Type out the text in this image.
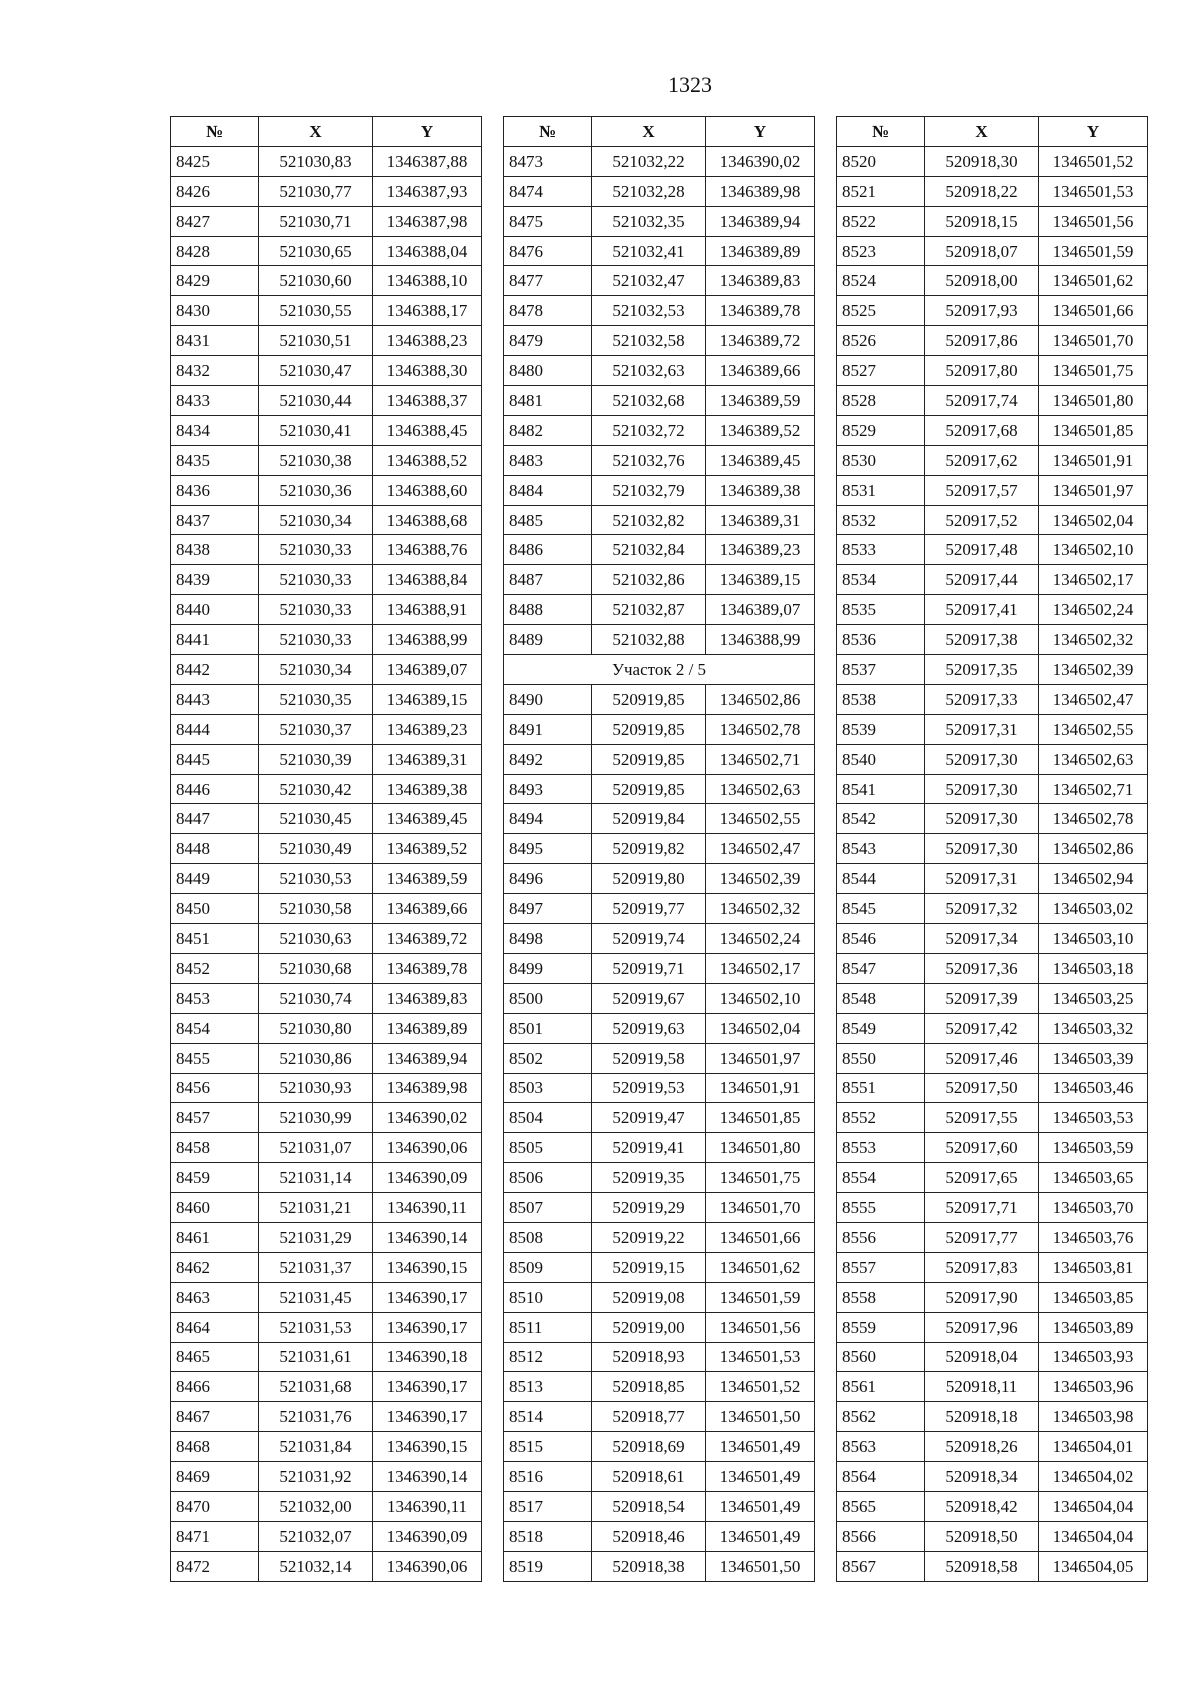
1323
№	X	Y
8425	521030,83	1346387,88
8426	521030,77	1346387,93
8427	521030,71	1346387,98
8428	521030,65	1346388,04
8429	521030,60	1346388,10
8430	521030,55	1346388,17
8431	521030,51	1346388,23
8432	521030,47	1346388,30
8433	521030,44	1346388,37
8434	521030,41	1346388,45
8435	521030,38	1346388,52
8436	521030,36	1346388,60
8437	521030,34	1346388,68
8438	521030,33	1346388,76
8439	521030,33	1346388,84
8440	521030,33	1346388,91
8441	521030,33	1346388,99
8442	521030,34	1346389,07
8443	521030,35	1346389,15
8444	521030,37	1346389,23
8445	521030,39	1346389,31
8446	521030,42	1346389,38
8447	521030,45	1346389,45
8448	521030,49	1346389,52
8449	521030,53	1346389,59
8450	521030,58	1346389,66
8451	521030,63	1346389,72
8452	521030,68	1346389,78
8453	521030,74	1346389,83
8454	521030,80	1346389,89
8455	521030,86	1346389,94
8456	521030,93	1346389,98
8457	521030,99	1346390,02
8458	521031,07	1346390,06
8459	521031,14	1346390,09
8460	521031,21	1346390,11
8461	521031,29	1346390,14
8462	521031,37	1346390,15
8463	521031,45	1346390,17
8464	521031,53	1346390,17
8465	521031,61	1346390,18
8466	521031,68	1346390,17
8467	521031,76	1346390,17
8468	521031,84	1346390,15
8469	521031,92	1346390,14
8470	521032,00	1346390,11
8471	521032,07	1346390,09
8472	521032,14	1346390,06
№	X	Y
8473	521032,22	1346390,02
8474	521032,28	1346389,98
8475	521032,35	1346389,94
8476	521032,41	1346389,89
8477	521032,47	1346389,83
8478	521032,53	1346389,78
8479	521032,58	1346389,72
8480	521032,63	1346389,66
8481	521032,68	1346389,59
8482	521032,72	1346389,52
8483	521032,76	1346389,45
8484	521032,79	1346389,38
8485	521032,82	1346389,31
8486	521032,84	1346389,23
8487	521032,86	1346389,15
8488	521032,87	1346389,07
8489	521032,88	1346388,99
Участок 2 / 5		
8490	520919,85	1346502,86
8491	520919,85	1346502,78
8492	520919,85	1346502,71
8493	520919,85	1346502,63
8494	520919,84	1346502,55
8495	520919,82	1346502,47
8496	520919,80	1346502,39
8497	520919,77	1346502,32
8498	520919,74	1346502,24
8499	520919,71	1346502,17
8500	520919,67	1346502,10
8501	520919,63	1346502,04
8502	520919,58	1346501,97
8503	520919,53	1346501,91
8504	520919,47	1346501,85
8505	520919,41	1346501,80
8506	520919,35	1346501,75
8507	520919,29	1346501,70
8508	520919,22	1346501,66
8509	520919,15	1346501,62
8510	520919,08	1346501,59
8511	520919,00	1346501,56
8512	520918,93	1346501,53
8513	520918,85	1346501,52
8514	520918,77	1346501,50
8515	520918,69	1346501,49
8516	520918,61	1346501,49
8517	520918,54	1346501,49
8518	520918,46	1346501,49
8519	520918,38	1346501,50
№	X	Y
8520	520918,30	1346501,52
8521	520918,22	1346501,53
8522	520918,15	1346501,56
8523	520918,07	1346501,59
8524	520918,00	1346501,62
8525	520917,93	1346501,66
8526	520917,86	1346501,70
8527	520917,80	1346501,75
8528	520917,74	1346501,80
8529	520917,68	1346501,85
8530	520917,62	1346501,91
8531	520917,57	1346501,97
8532	520917,52	1346502,04
8533	520917,48	1346502,10
8534	520917,44	1346502,17
8535	520917,41	1346502,24
8536	520917,38	1346502,32
8537	520917,35	1346502,39
8538	520917,33	1346502,47
8539	520917,31	1346502,55
8540	520917,30	1346502,63
8541	520917,30	1346502,71
8542	520917,30	1346502,78
8543	520917,30	1346502,86
8544	520917,31	1346502,94
8545	520917,32	1346503,02
8546	520917,34	1346503,10
8547	520917,36	1346503,18
8548	520917,39	1346503,25
8549	520917,42	1346503,32
8550	520917,46	1346503,39
8551	520917,50	1346503,46
8552	520917,55	1346503,53
8553	520917,60	1346503,59
8554	520917,65	1346503,65
8555	520917,71	1346503,70
8556	520917,77	1346503,76
8557	520917,83	1346503,81
8558	520917,90	1346503,85
8559	520917,96	1346503,89
8560	520918,04	1346503,93
8561	520918,11	1346503,96
8562	520918,18	1346503,98
8563	520918,26	1346504,01
8564	520918,34	1346504,02
8565	520918,42	1346504,04
8566	520918,50	1346504,04
8567	520918,58	1346504,05
